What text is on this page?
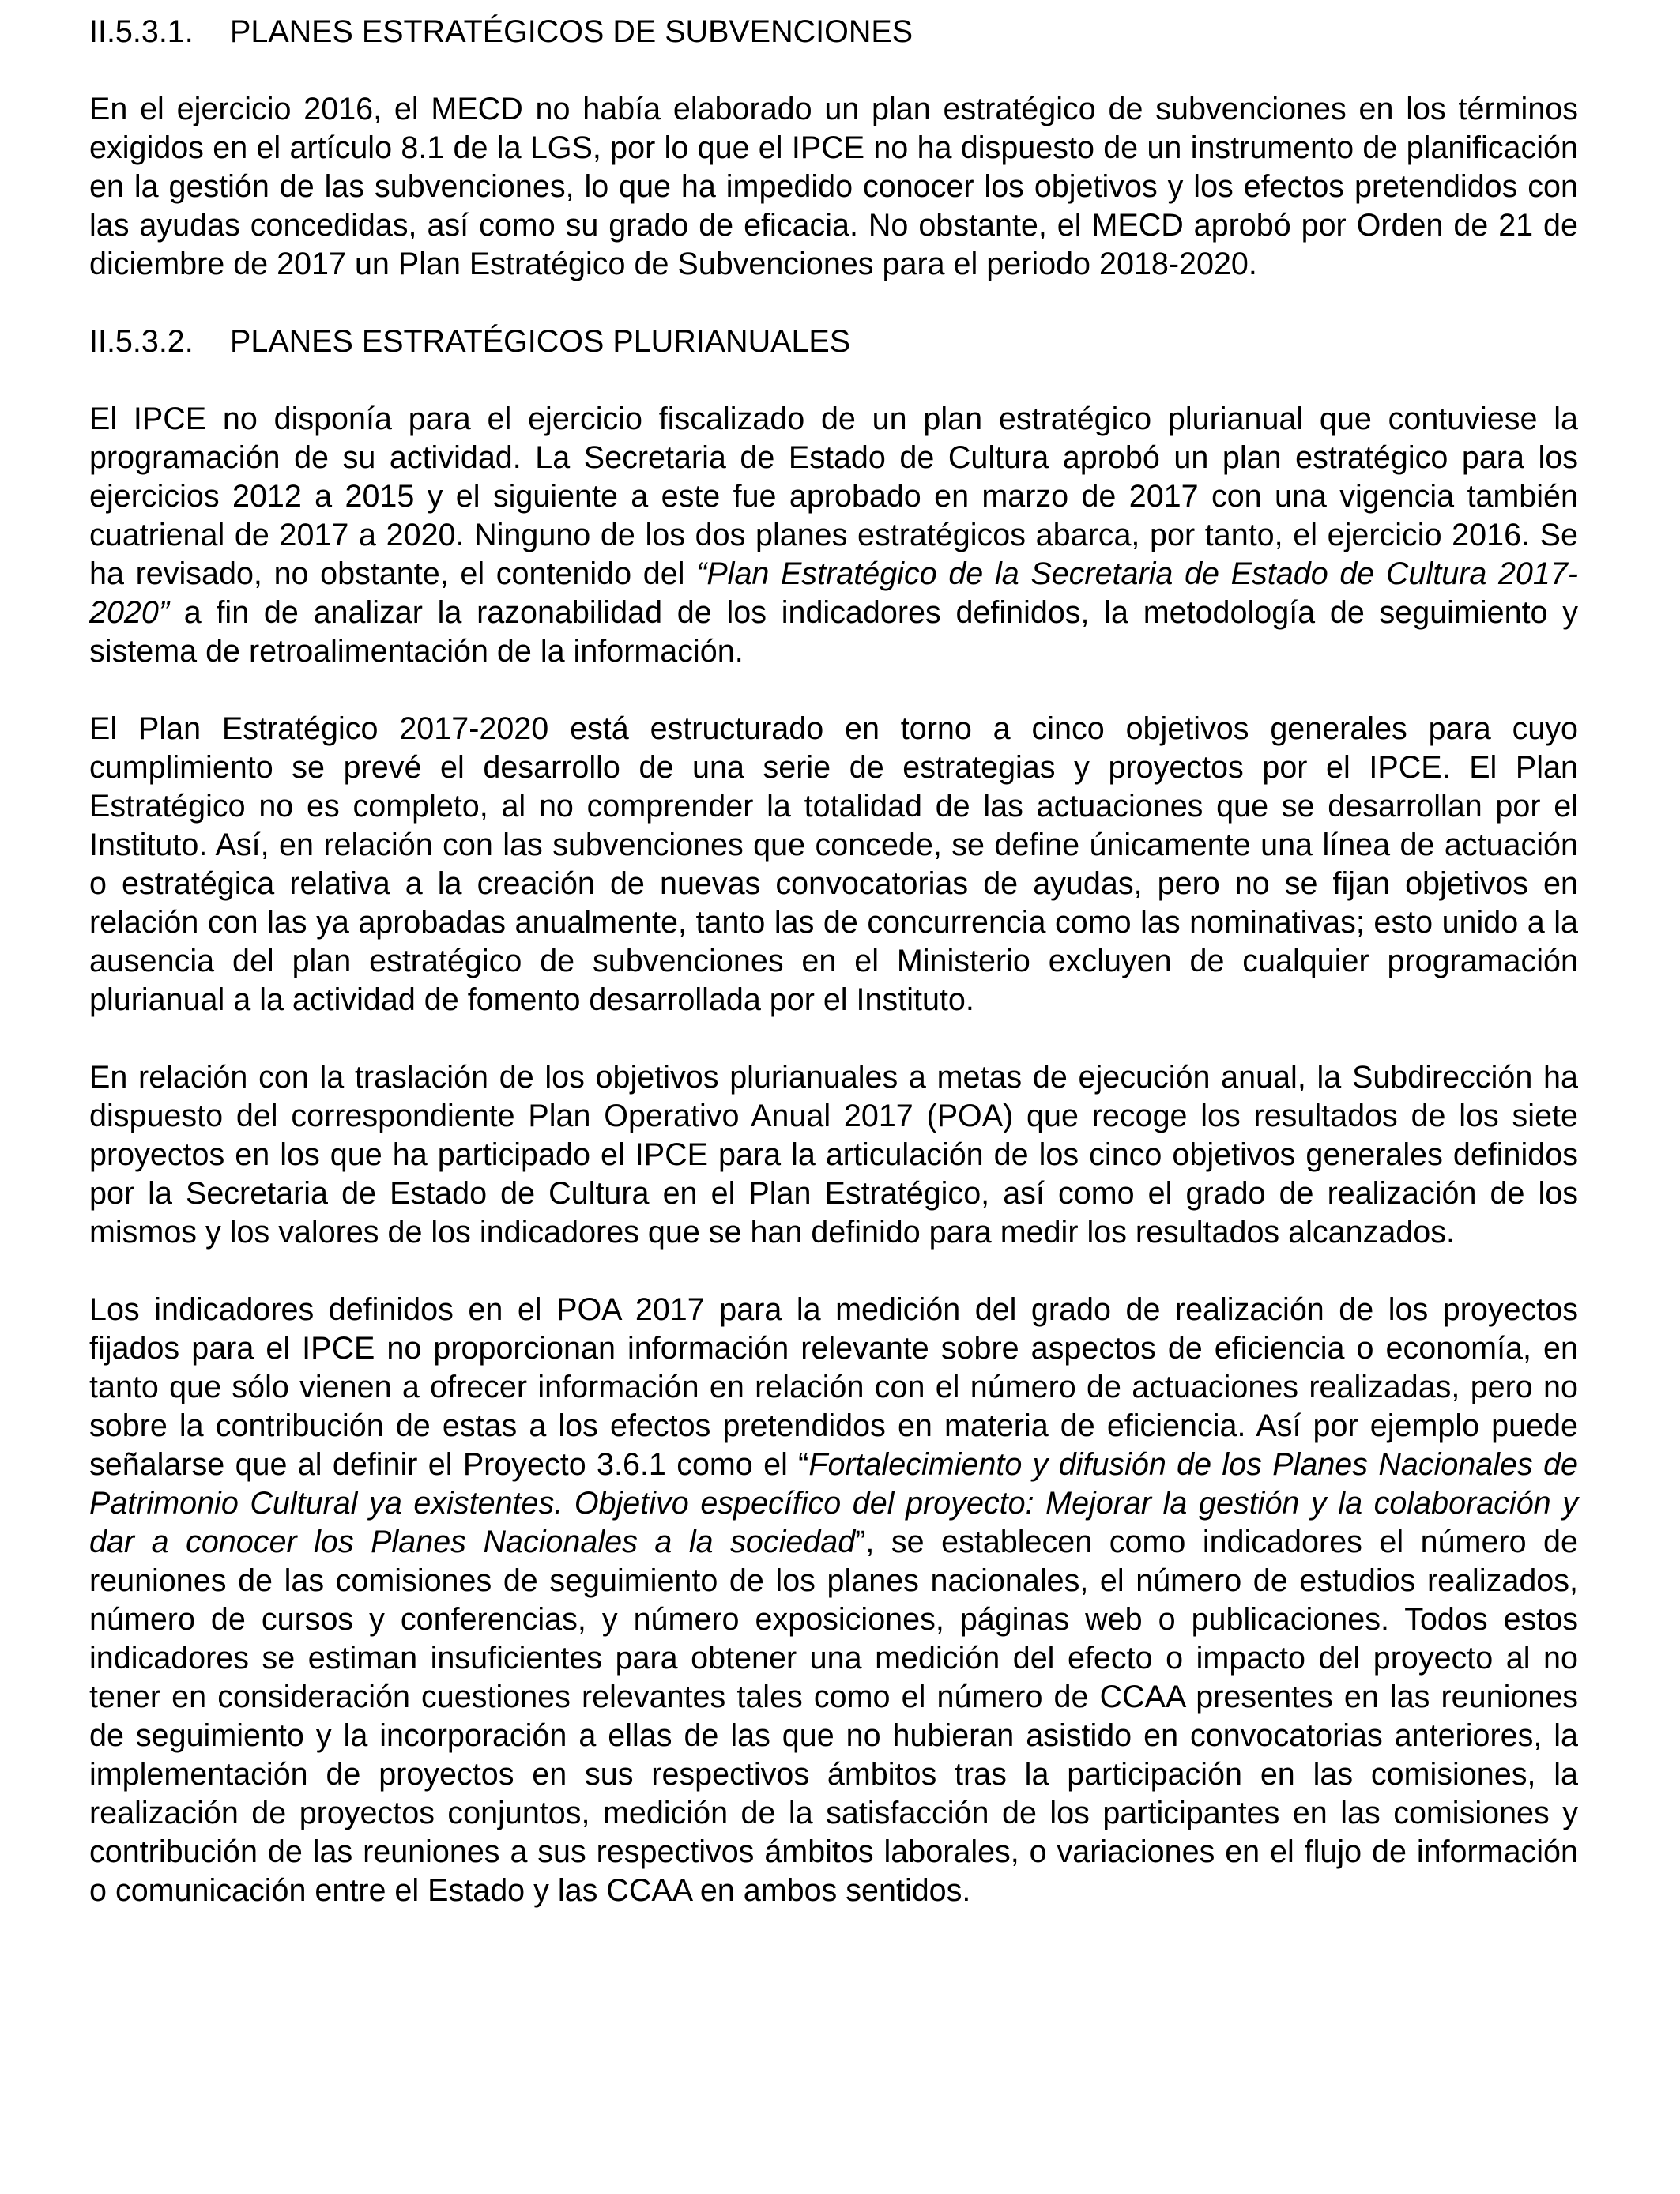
II.5.3.1. PLANES ESTRATÉGICOS DE SUBVENCIONES

En el ejercicio 2016, el MECD no había elaborado un plan estratégico de subvenciones en los términos exigidos en el artículo 8.1 de la LGS, por lo que el IPCE no ha dispuesto de un instrumento de planificación en la gestión de las subvenciones, lo que ha impedido conocer los objetivos y los efectos pretendidos con las ayudas concedidas, así como su grado de eficacia. No obstante, el MECD aprobó por Orden de 21 de diciembre de 2017 un Plan Estratégico de Subvenciones para el periodo 2018-2020.

II.5.3.2. PLANES ESTRATÉGICOS PLURIANUALES

El IPCE no disponía para el ejercicio fiscalizado de un plan estratégico plurianual que contuviese la programación de su actividad. La Secretaria de Estado de Cultura aprobó un plan estratégico para los ejercicios 2012 a 2015 y el siguiente a este fue aprobado en marzo de 2017 con una vigencia también cuatrienal de 2017 a 2020. Ninguno de los dos planes estratégicos abarca, por tanto, el ejercicio 2016. Se ha revisado, no obstante, el contenido del “Plan Estratégico de la Secretaria de Estado de Cultura 2017-2020” a fin de analizar la razonabilidad de los indicadores definidos, la metodología de seguimiento y sistema de retroalimentación de la información.

El Plan Estratégico 2017-2020 está estructurado en torno a cinco objetivos generales para cuyo cumplimiento se prevé el desarrollo de una serie de estrategias y proyectos por el IPCE. El Plan Estratégico no es completo, al no comprender la totalidad de las actuaciones que se desarrollan por el Instituto. Así, en relación con las subvenciones que concede, se define únicamente una línea de actuación o estratégica relativa a la creación de nuevas convocatorias de ayudas, pero no se fijan objetivos en relación con las ya aprobadas anualmente, tanto las de concurrencia como las nominativas; esto unido a la ausencia del plan estratégico de subvenciones en el Ministerio excluyen de cualquier programación plurianual a la actividad de fomento desarrollada por el Instituto.

En relación con la traslación de los objetivos plurianuales a metas de ejecución anual, la Subdirección ha dispuesto del correspondiente Plan Operativo Anual 2017 (POA) que recoge los resultados de los siete proyectos en los que ha participado el IPCE para la articulación de los cinco objetivos generales definidos por la Secretaria de Estado de Cultura en el Plan Estratégico, así como el grado de realización de los mismos y los valores de los indicadores que se han definido para medir los resultados alcanzados.

Los indicadores definidos en el POA 2017 para la medición del grado de realización de los proyectos fijados para el IPCE no proporcionan información relevante sobre aspectos de eficiencia o economía, en tanto que sólo vienen a ofrecer información en relación con el número de actuaciones realizadas, pero no sobre la contribución de estas a los efectos pretendidos en materia de eficiencia. Así por ejemplo puede señalarse que al definir el Proyecto 3.6.1 como el “Fortalecimiento y difusión de los Planes Nacionales de Patrimonio Cultural ya existentes. Objetivo específico del proyecto: Mejorar la gestión y la colaboración y dar a conocer los Planes Nacionales a la sociedad”, se establecen como indicadores el número de reuniones de las comisiones de seguimiento de los planes nacionales, el número de estudios realizados, número de cursos y conferencias, y número exposiciones, páginas web o publicaciones. Todos estos indicadores se estiman insuficientes para obtener una medición del efecto o impacto del proyecto al no tener en consideración cuestiones relevantes tales como el número de CCAA presentes en las reuniones de seguimiento y la incorporación a ellas de las que no hubieran asistido en convocatorias anteriores, la implementación de proyectos en sus respectivos ámbitos tras la participación en las comisiones, la realización de proyectos conjuntos, medición de la satisfacción de los participantes en las comisiones y contribución de las reuniones a sus respectivos ámbitos laborales, o variaciones en el flujo de información o comunicación entre el Estado y las CCAA en ambos sentidos.
